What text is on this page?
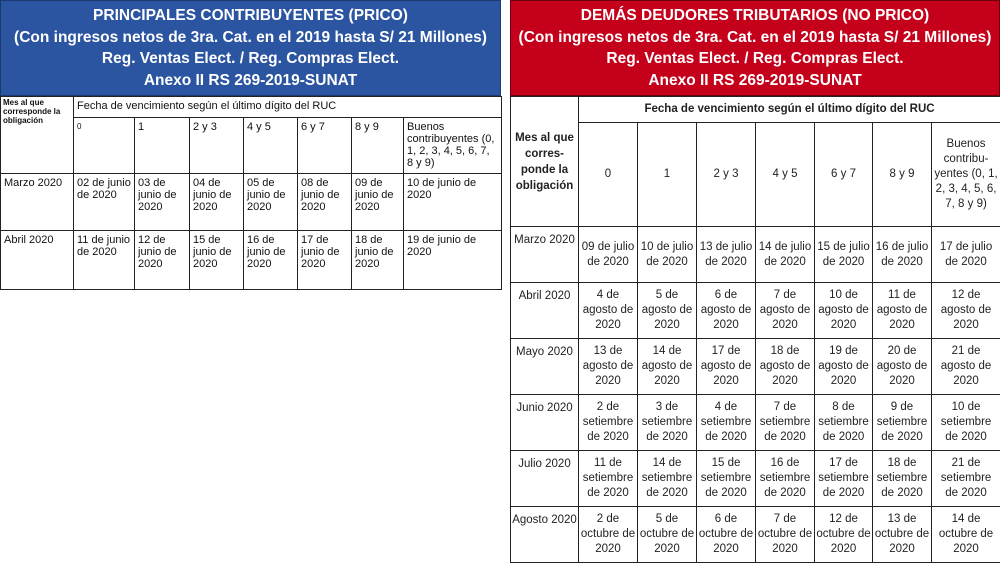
PRINCIPALES CONTRIBUYENTES (PRICO)
(Con ingresos netos de 3ra. Cat. en el 2019 hasta S/ 21 Millones)
Reg. Ventas Elect. / Reg. Compras Elect.
Anexo II RS 269-2019-SUNAT
Mes al que corresponde la obligación	Fecha de vencimiento según el último dígito del RUC						
	0	1	2 y 3	4 y 5	6 y 7	8 y 9	Buenos contribuyentes (0, 1, 2, 3, 4, 5, 6, 7, 8 y 9)
Marzo 2020	02 de junio de 2020	03 de junio de 2020	04 de junio de 2020	05 de junio de 2020	08 de junio de 2020	09 de junio de 2020	10 de junio de 2020
Abril 2020	11 de junio de 2020	12 de junio de 2020	15 de junio de 2020	16 de junio de 2020	17 de junio de 2020	18 de junio de 2020	19 de junio de 2020
DEMÁS DEUDORES TRIBUTARIOS (NO PRICO)
(Con ingresos netos de 3ra. Cat. en el 2019 hasta S/ 21 Millones)
Reg. Ventas Elect. / Reg. Compras Elect.
Anexo II RS 269-2019-SUNAT
Mes al que corres-ponde la obligación	Fecha de vencimiento según el último dígito del RUC						
	0	1	2 y 3	4 y 5	6 y 7	8 y 9	Buenos contribu-yentes (0, 1, 2, 3, 4, 5, 6, 7, 8 y 9)
Marzo 2020	09 de julio de 2020	10 de julio de 2020	13 de julio de 2020	14 de julio de 2020	15 de julio de 2020	16 de julio de 2020	17 de julio de 2020
Abril 2020	4 de agosto de 2020	5 de agosto de 2020	6 de agosto de 2020	7 de agosto de 2020	10 de agosto de 2020	11 de agosto de 2020	12 de agosto de 2020
Mayo 2020	13 de agosto de 2020	14 de agosto de 2020	17 de agosto de 2020	18 de agosto de 2020	19 de agosto de 2020	20 de agosto de 2020	21 de agosto de 2020
Junio 2020	2 de setiembre de 2020	3 de setiembre de 2020	4 de setiembre de 2020	7 de setiembre de 2020	8 de setiembre de 2020	9 de setiembre de 2020	10 de setiembre de 2020
Julio 2020	11 de setiembre de 2020	14 de setiembre de 2020	15 de setiembre de 2020	16 de setiembre de 2020	17 de setiembre de 2020	18 de setiembre de 2020	21 de setiembre de 2020
Agosto 2020	2 de octubre de 2020	5 de octubre de 2020	6 de octubre de 2020	7 de octubre de 2020	12 de octubre de 2020	13 de octubre de 2020	14 de octubre de 2020
